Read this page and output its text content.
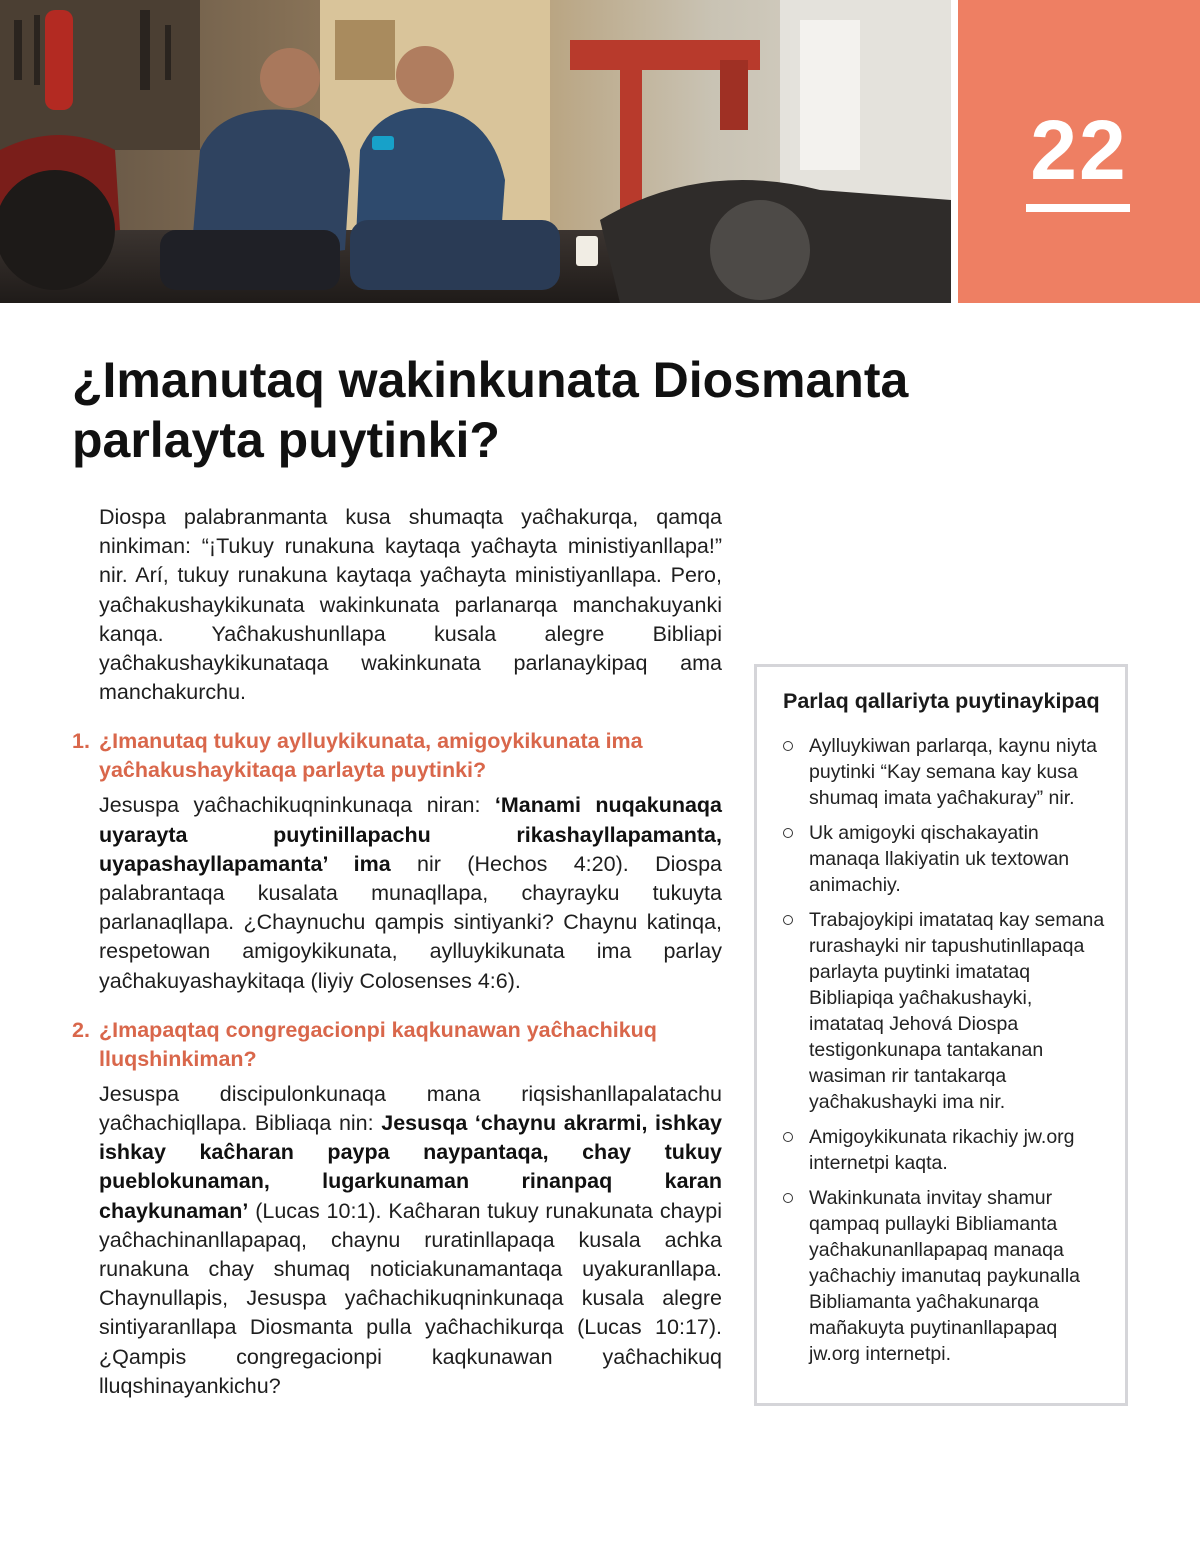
22
¿Imanutaq wakinkunata Diosmanta parlayta puytinki?

Diospa palabranmanta kusa shumaqta yaĉhakurqa, qamqa ninkiman: “¡Tukuy runakuna kaytaqa yaĉhayta ministiyanllapa!” nir. Arí, tukuy runakuna kaytaqa yaĉhayta ministiyanllapa. Pero, yaĉhakushaykikunata wakinkunata parlanarqa manchakuyanki kanqa. Yaĉhakushunllapa kusala alegre Bibliapi yaĉhakushaykikunataqa wakinkunata parlanaykipaq ama manchakurchu.

1. ¿Imanutaq tukuy aylluykikunata, amigoykikunata ima yaĉhakushaykitaqa parlayta puytinki?

Jesuspa yaĉhachikuqninkunaqa niran: ‘Manami nuqakunaqa uyarayta puytinillapachu rikashayllapamanta, uyapashayllapamanta’ ima nir (Hechos 4:20). Diospa palabrantaqa kusalata munaqllapa, chayrayku tukuyta parlanaqllapa. ¿Chaynuchu qampis sintiyanki? Chaynu katinqa, respetowan amigoykikunata, aylluykikunata ima parlay yaĉhakuyashaykitaqa (liyiy Colosenses 4:6).

2. ¿Imapaqtaq congregacionpi kaqkunawan yaĉhachikuq lluqshinkiman?

Jesuspa discipulonkunaqa mana riqsishanllapalatachu yaĉhachiqllapa. Bibliaqa nin: Jesusqa ‘chaynu akrarmi, ishkay ishkay kaĉharan paypa naypantaqa, chay tukuy pueblokunaman, lugarkunaman rinanpaq karan chaykunaman’ (Lucas 10:1). Kaĉharan tukuy runakunata chaypi yaĉhachinanllapapaq, chaynu ruratinllapaqa kusala achka runakuna chay shumaq noticiakunamantaqa uyakuranllapa. Chaynullapis, Jesuspa yaĉhachikuqninkunaqa kusala alegre sintiyaranllapa Diosmanta pulla yaĉhachikurqa (Lucas 10:17). ¿Qampis congregacionpi kaqkunawan yaĉhachikuq lluqshinayankichu?

Parlaq qallariyta puytinaykipaq
Aylluykiwan parlarqa, kaynu niyta puytinki “Kay semana kay kusa shumaq imata yaĉhakuray” nir.
Uk amigoyki qischakayatin manaqa llakiyatin uk textowan animachiy.
Trabajoykipi imatataq kay semana rurashayki nir tapushutinllapaqa parlayta puytinki imatataq Bibliapiqa yaĉhakushayki, imatataq Jehová Diospa testigonkunapa tantakanan wasiman rir tantakarqa yaĉhakushayki ima nir.
Amigoykikunata rikachiy jw.org internetpi kaqta.
Wakinkunata invitay shamur qampaq pullayki Bibliamanta yaĉhakunanllapapaq manaqa yaĉhachiy imanutaq paykunalla Bibliamanta yaĉhakunarqa mañakuyta puytinanllapapaq jw.org internetpi.
